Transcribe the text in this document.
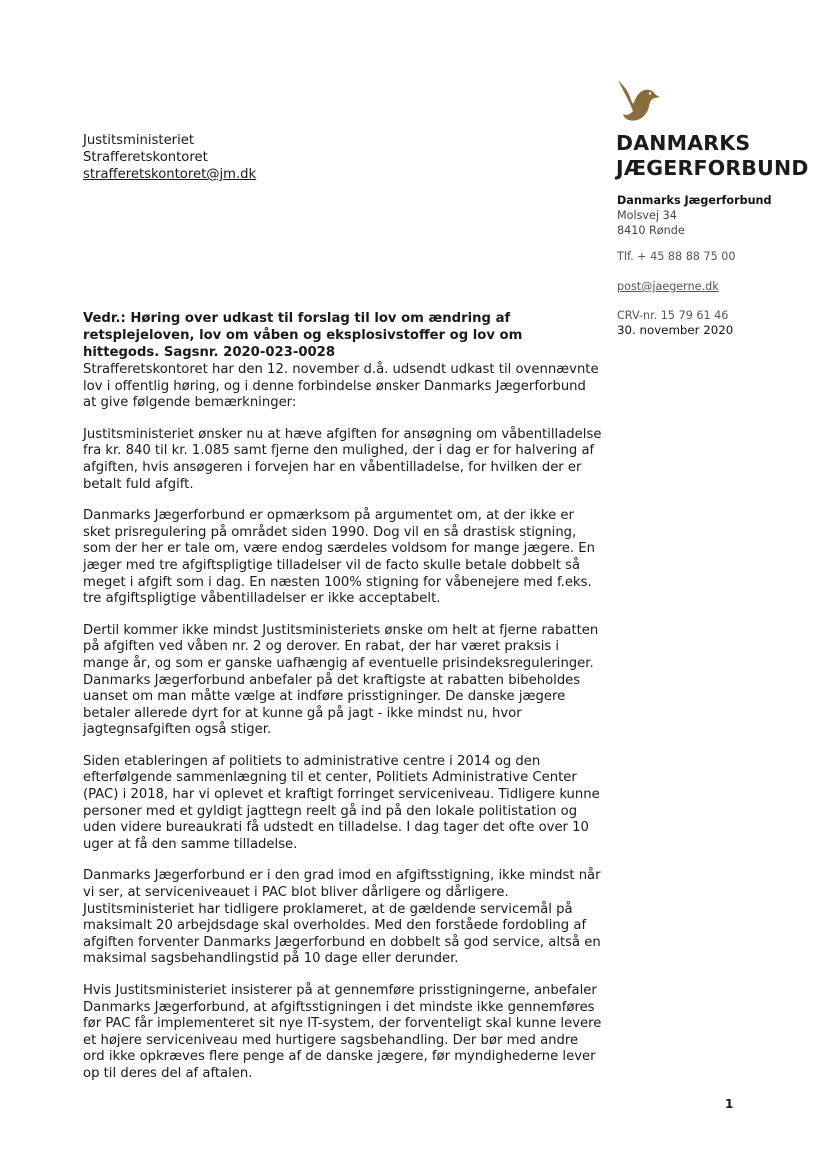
Justitsministeriet
Strafferetskontoret
strafferetskontoret@jm.dk
DANMARKS
JÆGERFORBUND
Danmarks Jægerforbund
Molsvej 34
8410 Rønde
Tlf. + 45 88 88 75 00
post@jaegerne.dk
CRV-nr. 15 79 61 46
30. november 2020
Vedr.: Høring over udkast til forslag til lov om ændring af retsplejeloven, lov om våben og eksplosivstoffer og lov om hittegods. Sagsnr. 2020-023-0028

Strafferetskontoret har den 12. november d.å. udsendt udkast til ovennævnte lov i offentlig høring, og i denne forbindelse ønsker Danmarks Jægerforbund at give følgende bemærkninger:

Justitsministeriet ønsker nu at hæve afgiften for ansøgning om våbentilladelse fra kr. 840 til kr. 1.085 samt fjerne den mulighed, der i dag er for halvering af afgiften, hvis ansøgeren i forvejen har en våbentilladelse, for hvilken der er betalt fuld afgift.

Danmarks Jægerforbund er opmærksom på argumentet om, at der ikke er sket prisregulering på området siden 1990. Dog vil en så drastisk stigning, som der her er tale om, være endog særdeles voldsom for mange jægere. En jæger med tre afgiftspligtige tilladelser vil de facto skulle betale dobbelt så meget i afgift som i dag. En næsten 100% stigning for våbenejere med f.eks. tre afgiftspligtige våbentilladelser er ikke acceptabelt.

Dertil kommer ikke mindst Justitsministeriets ønske om helt at fjerne rabatten på afgiften ved våben nr. 2 og derover. En rabat, der har været praksis i mange år, og som er ganske uafhængig af eventuelle prisindeksreguleringer. Danmarks Jægerforbund anbefaler på det kraftigste at rabatten bibeholdes uanset om man måtte vælge at indføre prisstigninger. De danske jægere betaler allerede dyrt for at kunne gå på jagt - ikke mindst nu, hvor jagtegnsafgiften også stiger.

Siden etableringen af politiets to administrative centre i 2014 og den efterfølgende sammenlægning til et center, Politiets Administrative Center (PAC) i 2018, har vi oplevet et kraftigt forringet serviceniveau. Tidligere kunne personer med et gyldigt jagttegn reelt gå ind på den lokale politistation og uden videre bureaukrati få udstedt en tilladelse. I dag tager det ofte over 10 uger at få den samme tilladelse.

Danmarks Jægerforbund er i den grad imod en afgiftsstigning, ikke mindst når vi ser, at serviceniveauet i PAC blot bliver dårligere og dårligere. Justitsministeriet har tidligere proklameret, at de gældende servicemål på maksimalt 20 arbejdsdage skal overholdes. Med den forståede fordobling af afgiften forventer Danmarks Jægerforbund en dobbelt så god service, altså en maksimal sagsbehandlingstid på 10 dage eller derunder.

Hvis Justitsministeriet insisterer på at gennemføre prisstigningerne, anbefaler Danmarks Jægerforbund, at afgiftsstigningen i det mindste ikke gennemføres før PAC får implementeret sit nye IT-system, der forventeligt skal kunne levere et højere serviceniveau med hurtigere sagsbehandling. Der bør med andre ord ikke opkræves flere penge af de danske jægere, før myndighederne lever op til deres del af aftalen.

1
